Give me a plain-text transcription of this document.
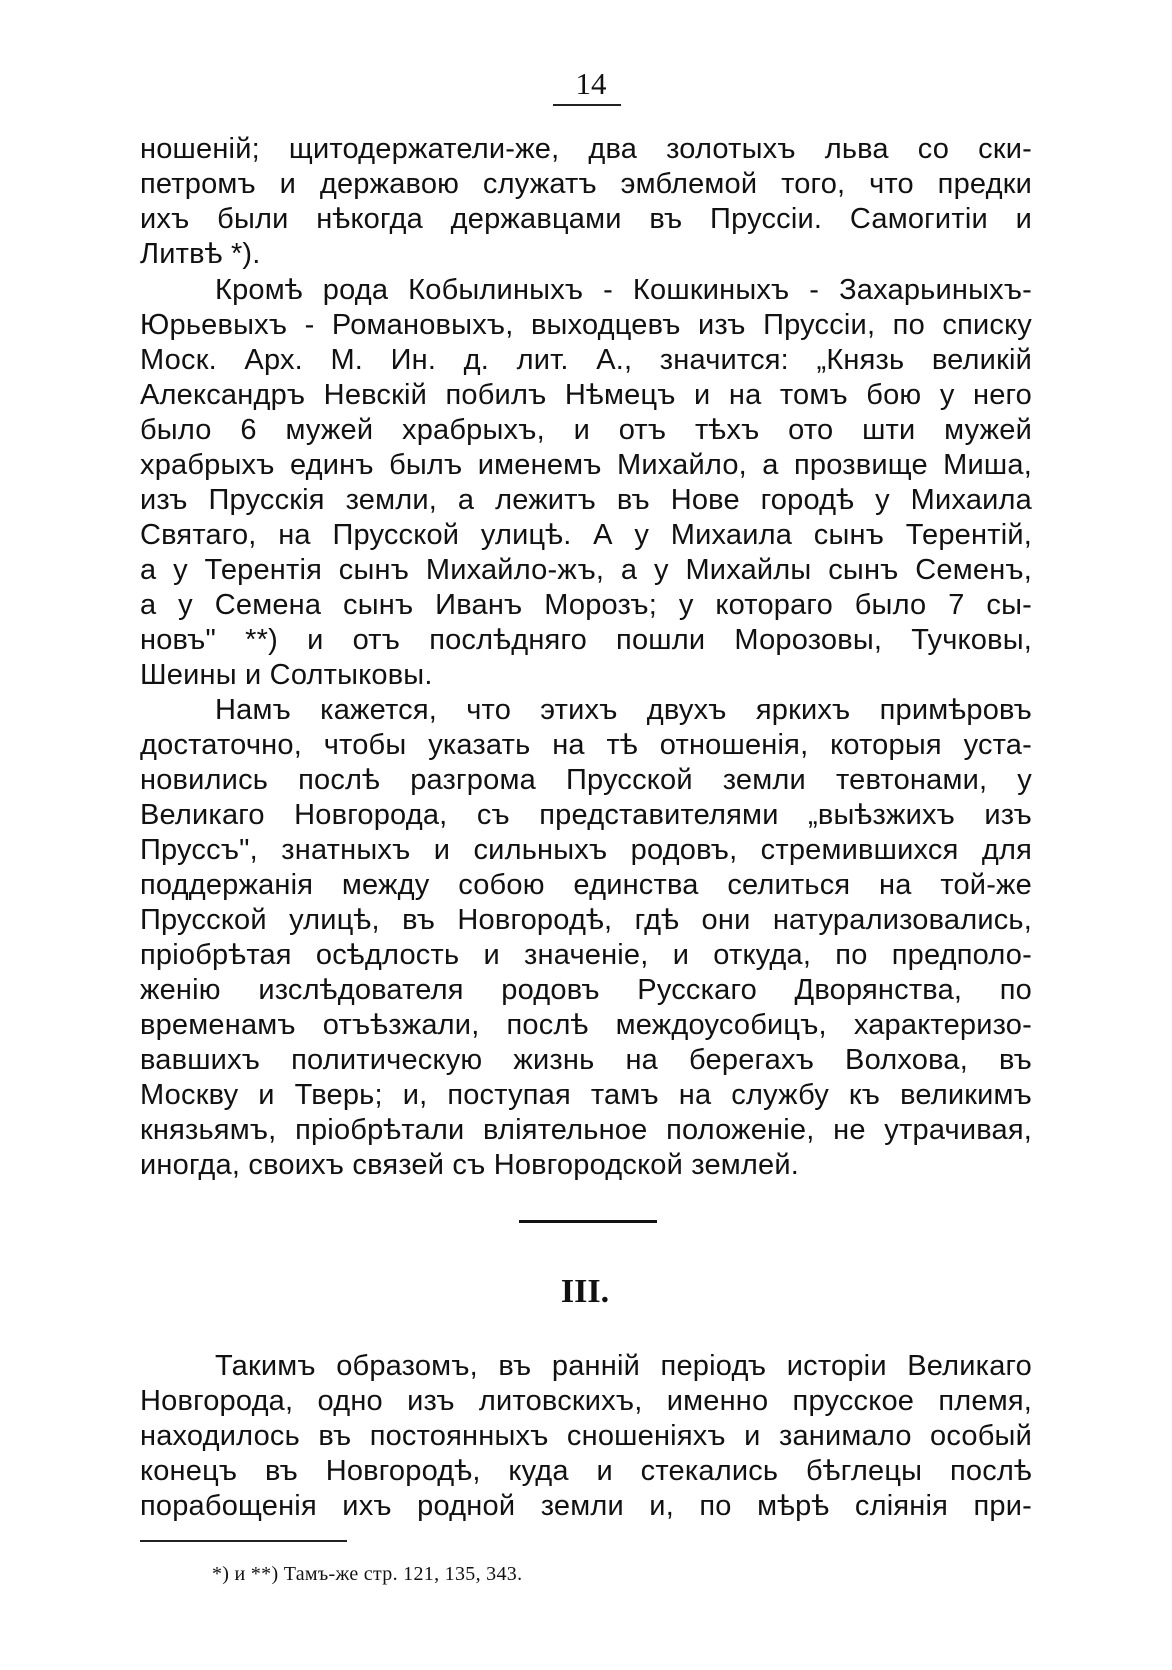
14
ношенiй; щитодержатели-же, два золотыхъ льва со ски-
петромъ и державою служатъ эмблемой того, что предки
ихъ были нѣкогда державцами въ Пруссiи. Самогитiи и
Литвѣ *).
Кромѣ рода Кобылиныхъ - Кошкиныхъ - Захарьиныхъ-
Юрьевыхъ - Романовыхъ, выходцевъ изъ Пруссiи, по списку
Моск. Арх. М. Ин. д. лит. А., значится: „Князь великiй
Александръ Невскiй побилъ Нѣмецъ и на томъ бою у него
было 6 мужей храбрыхъ, и отъ тѣхъ ото шти мужей
храбрыхъ единъ былъ именемъ Михайло, а прозвище Миша,
изъ Прусскiя земли, а лежитъ въ Нове городѣ у Михаила
Святаго, на Прусской улицѣ. А у Михаила сынъ Терентiй,
а у Терентiя сынъ Михайло-жъ, а у Михайлы сынъ Семенъ,
а у Семена сынъ Иванъ Морозъ; у котораго было 7 сы-
новъ" **) и отъ послѣдняго пошли Морозовы, Тучковы,
Шеины и Солтыковы.
Намъ кажется, что этихъ двухъ яркихъ примѣровъ
достаточно, чтобы указать на тѣ отношенiя, которыя уста-
новились послѣ разгрома Прусской земли тевтонами, у
Великаго Новгорода, съ представителями „выѣзжихъ изъ
Пруссъ", знатныхъ и сильныхъ родовъ, стремившихся для
поддержанiя между собою единства селиться на той-же
Прусской улицѣ, въ Новгородѣ, гдѣ они натурализовались,
прiобрѣтая осѣдлость и значенiе, и откуда, по предполо-
женiю изслѣдователя родовъ Русскаго Дворянства, по
временамъ отъѣзжали, послѣ междоусобицъ, характеризо-
вавшихъ политическую жизнь на берегахъ Волхова, въ
Москву и Тверь; и, поступая тамъ на службу къ великимъ
князьямъ, прiобрѣтали влiятельное положенiе, не утрачивая,
иногда, своихъ связей съ Новгородской землей.
III.
Такимъ образомъ, въ раннiй перiодъ исторiи Великаго
Новгорода, одно изъ литовскихъ, именно прусское племя,
находилось въ постоянныхъ сношенiяхъ и занимало особый
конецъ въ Новгородѣ, куда и стекались бѣглецы послѣ
порабощенiя ихъ родной земли и, по мѣрѣ слiянiя при-
*) и **) Тамъ-же стр. 121, 135, 343.
